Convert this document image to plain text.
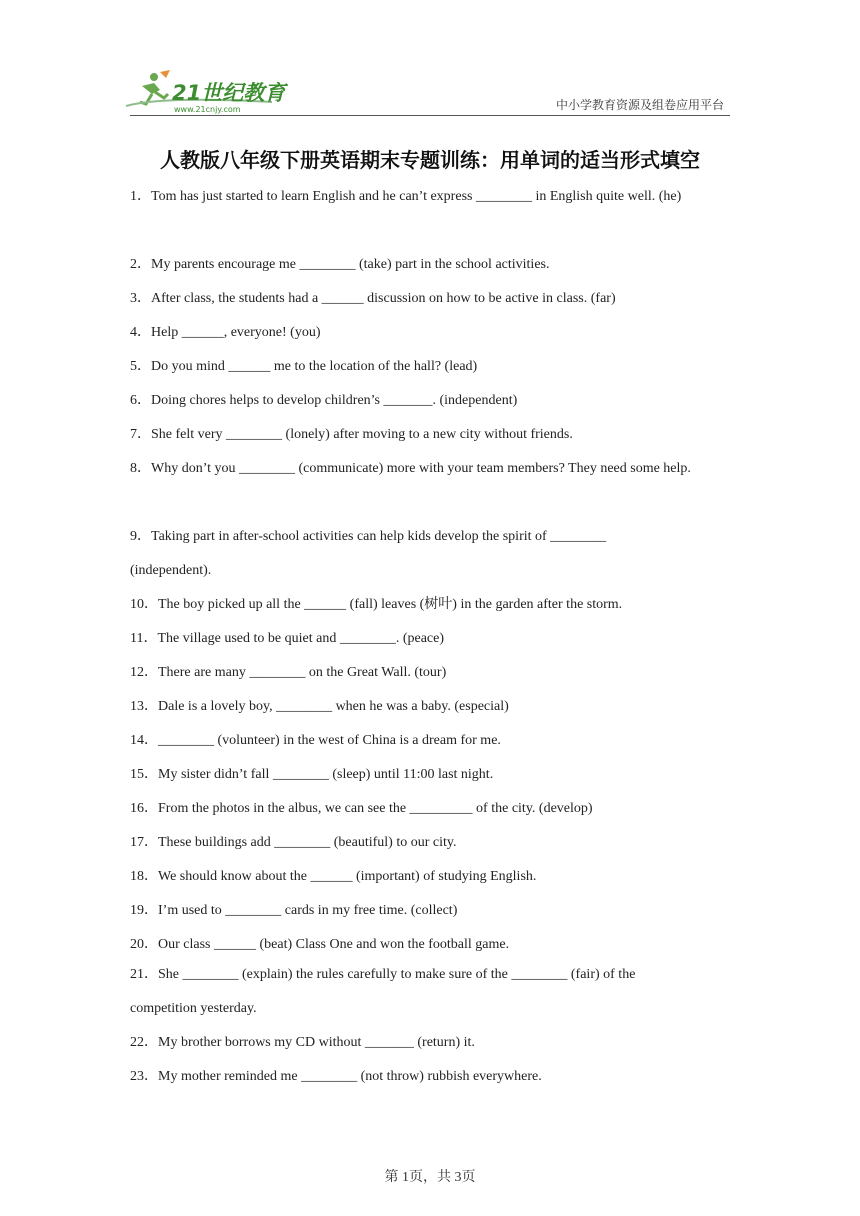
21世纪教育
www.21cnjy.com	中小学教育资源及组卷应用平台
人教版八年级下册英语期末专题训练：用单词的适当形式填空
1．Tom has just started to learn English and he can’t express ________ in English quite well. (he)
2．My parents encourage me ________ (take) part in the school activities.
3．After class, the students had a ______ discussion on how to be active in class. (far)
4．Help ______, everyone! (you)
5．Do you mind ______ me to the location of the hall? (lead)
6．Doing chores helps to develop children’s _______. (independent)
7．She felt very ________ (lonely) after moving to a new city without friends.
8．Why don’t you ________ (communicate) more with your team members? They need some help.
9．Taking part in after-school activities can help kids develop the spirit of ________ (independent).
10．The boy picked up all the ______ (fall) leaves (树叶) in the garden after the storm.
11．The village used to be quiet and ________. (peace)
12．There are many ________ on the Great Wall. (tour)
13．Dale is a lovely boy, ________ when he was a baby. (especial)
14．________ (volunteer) in the west of China is a dream for me.
15．My sister didn’t fall ________ (sleep) until 11:00 last night.
16．From the photos in the albus, we can see the _________ of the city. (develop)
17．These buildings add ________ (beautiful) to our city.
18．We should know about the ______ (important) of studying English.
19．I’m used to ________ cards in my free time. (collect)
20．Our class ______ (beat) Class One and won the football game.
21．She ________ (explain) the rules carefully to make sure of the ________ (fair) of the competition yesterday.
22．My brother borrows my CD without _______ (return) it.
23．My mother reminded me ________ (not throw) rubbish everywhere.
第 1页，共 3页
